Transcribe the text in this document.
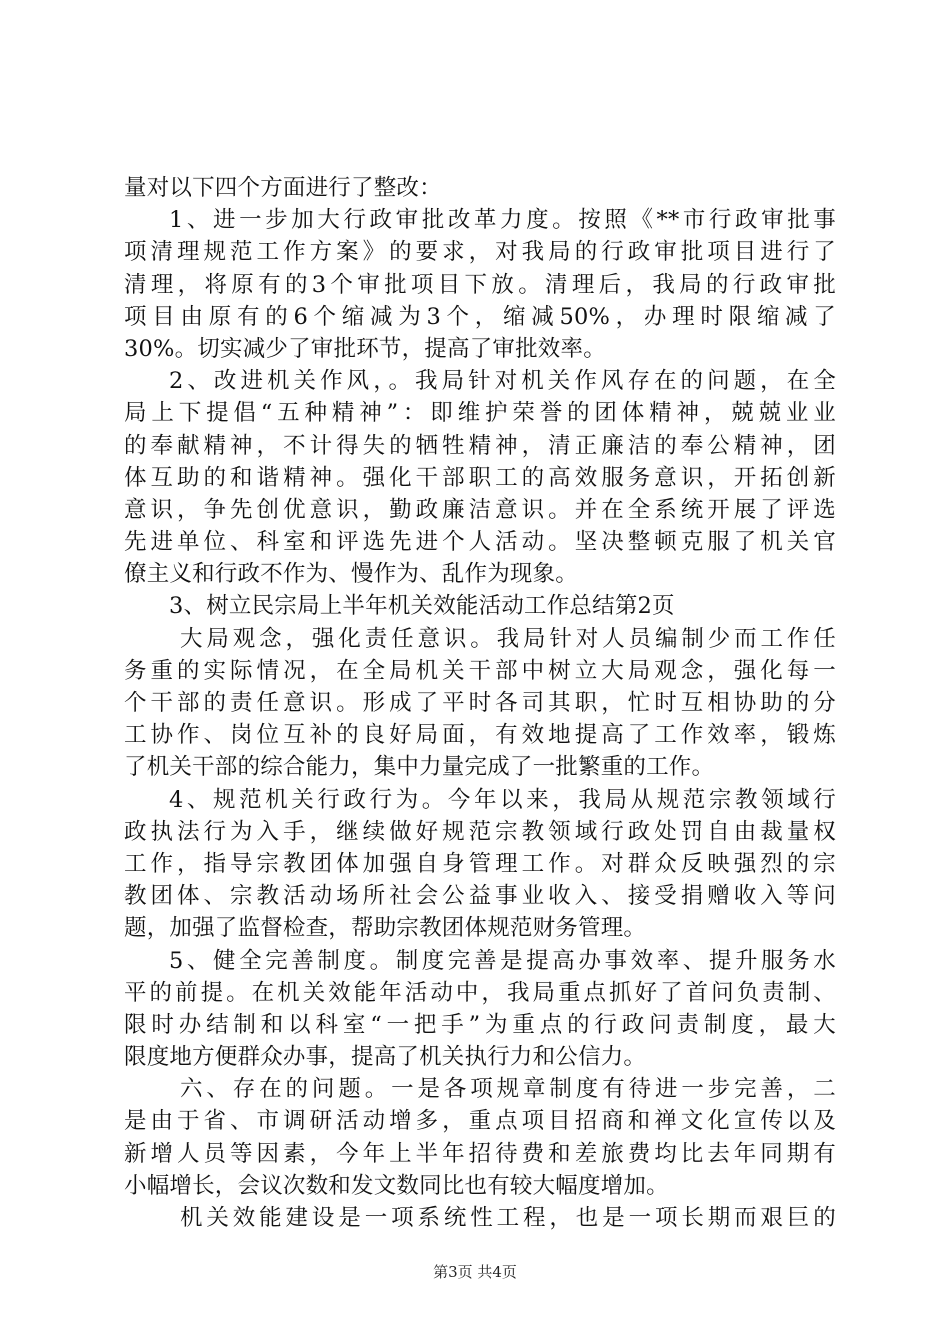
量对以下四个方面进行了整改：

1、进一步加大行政审批改革力度。按照《**市行政审批事

项清理规范工作方案》的要求，对我局的行政审批项目进行了

清理，将原有的3个审批项目下放。清理后，我局的行政审批

项目由原有的6个缩减为3个，缩减50%，办理时限缩减了

30%。切实减少了审批环节，提高了审批效率。

2、改进机关作风，。我局针对机关作风存在的问题，在全

局上下提倡“五种精神”：即维护荣誉的团体精神，兢兢业业

的奉献精神，不计得失的牺牲精神，清正廉洁的奉公精神，团

体互助的和谐精神。强化干部职工的高效服务意识，开拓创新

意识，争先创优意识，勤政廉洁意识。并在全系统开展了评选

先进单位、科室和评选先进个人活动。坚决整顿克服了机关官

僚主义和行政不作为、慢作为、乱作为现象。

3、树立民宗局上半年机关效能活动工作总结第2页

大局观念，强化责任意识。我局针对人员编制少而工作任

务重的实际情况，在全局机关干部中树立大局观念，强化每一

个干部的责任意识。形成了平时各司其职，忙时互相协助的分

工协作、岗位互补的良好局面，有效地提高了工作效率，锻炼

了机关干部的综合能力，集中力量完成了一批繁重的工作。

4、规范机关行政行为。今年以来，我局从规范宗教领域行

政执法行为入手，继续做好规范宗教领域行政处罚自由裁量权

工作，指导宗教团体加强自身管理工作。对群众反映强烈的宗

教团体、宗教活动场所社会公益事业收入、接受捐赠收入等问

题，加强了监督检查，帮助宗教团体规范财务管理。

5、健全完善制度。制度完善是提高办事效率、提升服务水

平的前提。在机关效能年活动中，我局重点抓好了首问负责制、

限时办结制和以科室“一把手”为重点的行政问责制度，最大

限度地方便群众办事，提高了机关执行力和公信力。

六、存在的问题。一是各项规章制度有待进一步完善，二

是由于省、市调研活动增多，重点项目招商和禅文化宣传以及

新增人员等因素，今年上半年招待费和差旅费均比去年同期有

小幅增长，会议次数和发文数同比也有较大幅度增加。

机关效能建设是一项系统性工程，也是一项长期而艰巨的

第3页 共4页
